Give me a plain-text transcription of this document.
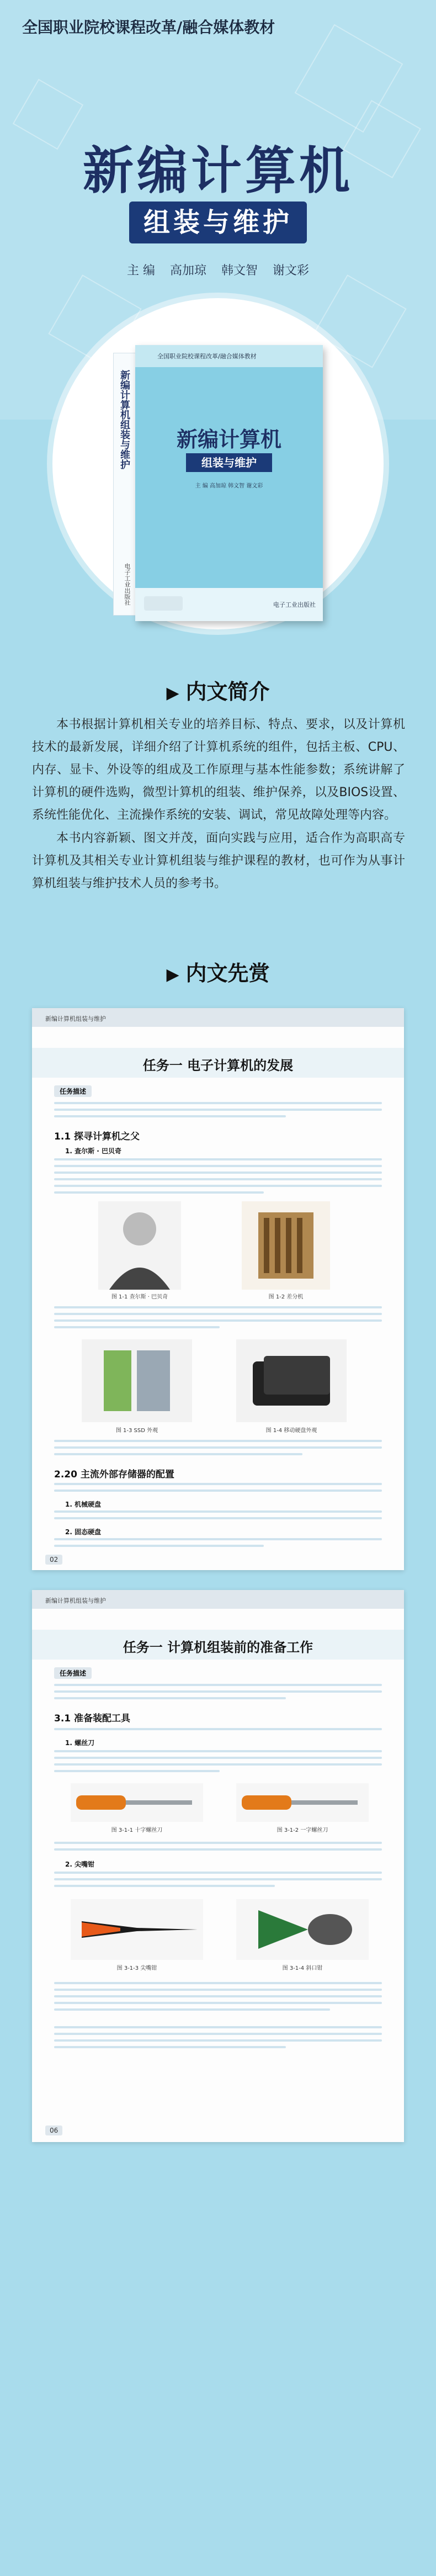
全国职业院校课程改革/融合媒体教材
新编计算机
组装与维护
主 编 高加琼 韩文智 谢文彩
新编计算机组装与维护
电子工业出版社
全国职业院校课程改革/融合媒体教材
新编计算机
组装与维护
主 编 高加琼 韩文智 谢文彩
电子工业出版社
▶ 内文简介
本书根据计算机相关专业的培养目标、特点、要求，以及计算机技术的最新发展，详细介绍了计算机系统的组件，包括主板、CPU、内存、显卡、外设等的组成及工作原理与基本性能参数；系统讲解了计算机的硬件选购，微型计算机的组装、维护保养，以及BIOS设置、系统性能优化、主流操作系统的安装、调试，常见故障处理等内容。
本书内容新颖、图文并茂，面向实践与应用，适合作为高职高专计算机及其相关专业计算机组装与维护课程的教材，也可作为从事计算机组装与维护技术人员的参考书。
▶ 内文先赏
新编计算机组装与维护
任务一 电子计算机的发展
任务描述
1.1 探寻计算机之父
1. 查尔斯 · 巴贝奇
图 1-1 查尔斯 · 巴贝奇	图 1-2 差分机
图 1-3 SSD 外观	图 1-4 移动硬盘外观
2.20 主流外部存储器的配置
1. 机械硬盘
2. 固态硬盘
02
新编计算机组装与维护
任务一 计算机组装前的准备工作
任务描述
3.1 准备装配工具
1. 螺丝刀
图 3-1-1 十字螺丝刀	图 3-1-2 一字螺丝刀
2. 尖嘴钳
图 3-1-3 尖嘴钳	图 3-1-4 斜口钳
06
